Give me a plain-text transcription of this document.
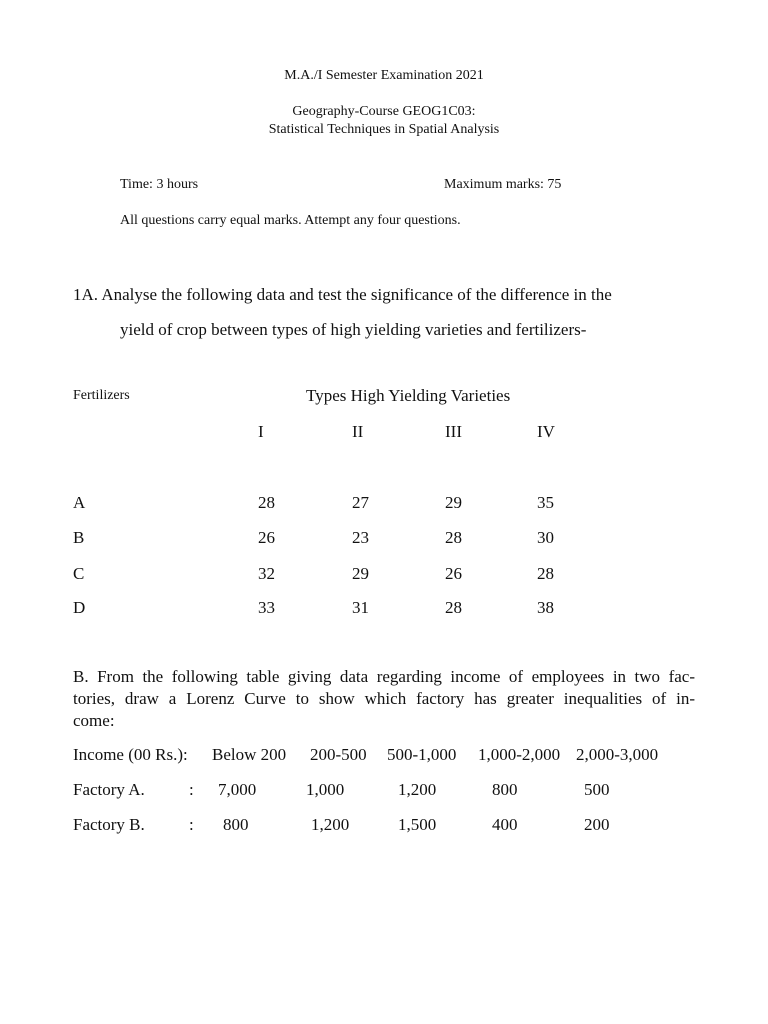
M.A./I Semester Examination 2021
Geography-Course GEOG1C03:
Statistical Techniques in Spatial Analysis
Time: 3 hours	Maximum marks: 75
All questions carry equal marks. Attempt any four questions.
1A. Analyse the following data and test the significance of the difference in the
yield of crop between types of high yielding varieties and fertilizers-
Fertilizers	Types High Yielding Varieties
I	II	III	IV
A	28	27	29	35
B	26	23	28	30
C	32	29	26	28
D	33	31	28	38
B. From the following table giving data regarding income of employees in two fac-
tories, draw a Lorenz Curve to show which factory has greater inequalities of in-
come:
Income (00 Rs.): Below 200 200-500 500-1,000 1,000-2,000 2,000-3,000
Factory A.	: 7,000	1,000	1,200	800	500
Factory B.	: 800	1,200	1,500	400	200
